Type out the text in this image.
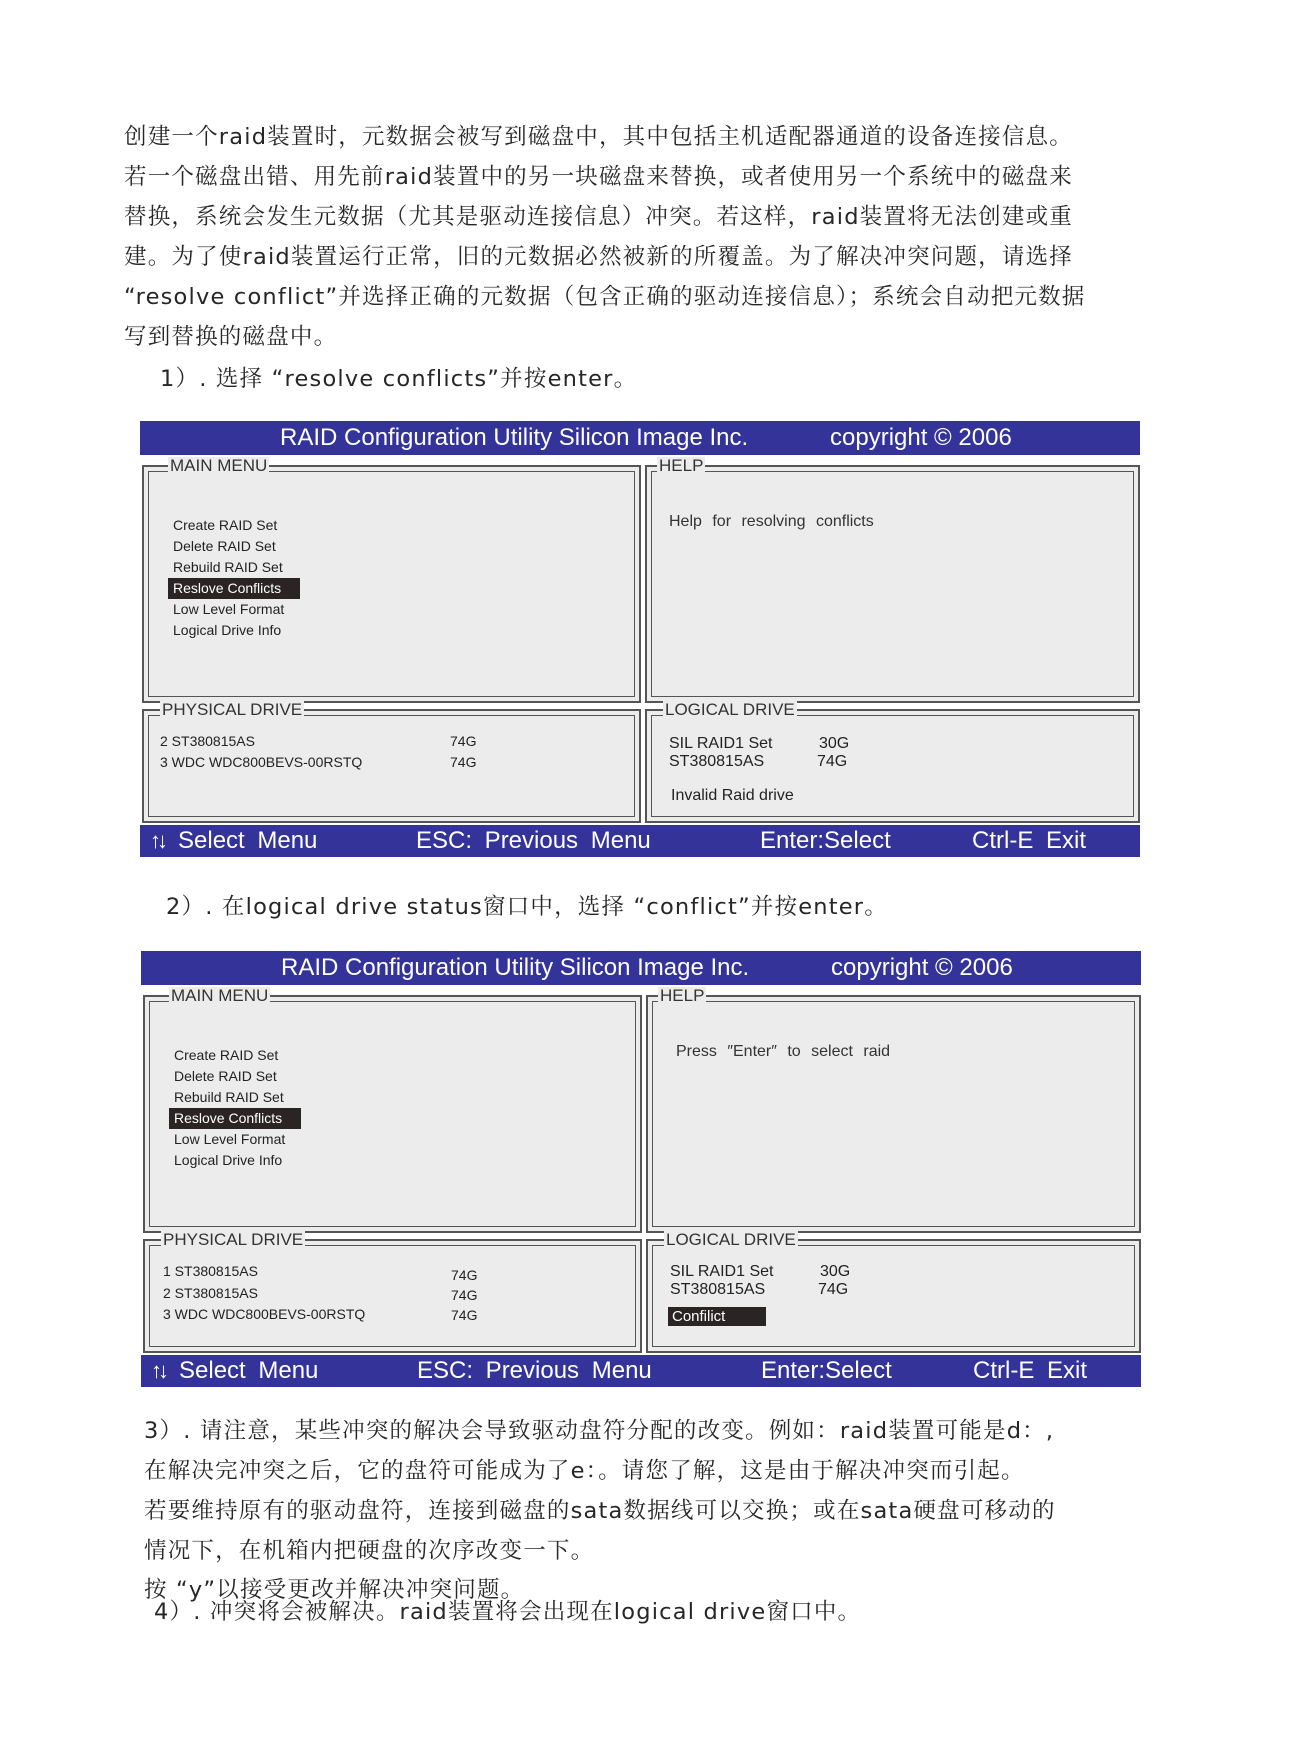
创建一个raid装置时，元数据会被写到磁盘中，其中包括主机适配器通道的设备连接信息。

若一个磁盘出错、用先前raid装置中的另一块磁盘来替换，或者使用另一个系统中的磁盘来

替换，系统会发生元数据（尤其是驱动连接信息）冲突。若这样，raid装置将无法创建或重

建。为了使raid装置运行正常，旧的元数据必然被新的所覆盖。为了解决冲突问题，请选择

“resolve conflict”并选择正确的元数据（包含正确的驱动连接信息）；系统会自动把元数据

写到替换的磁盘中。

1）. 选择 “resolve conflicts”并按enter。

RAID Configuration Utility Silicon Image Inc.	copyright © 2006
MAIN MENU
Create RAID Set
Delete RAID Set
Rebuild RAID Set
Reslove Conflicts
Low Level Format
Logical Drive Info
HELP
Help for resolving conflicts
PHYSICAL DRIVE
2 ST380815AS	74G
3 WDC WDC800BEVS-00RSTQ	74G
LOGICAL DRIVE
SIL RAID1 Set	30G
ST380815AS	74G
Invalid Raid drive
↑↓ Select Menu	ESC: Previous Menu	Enter:Select	Ctrl-E Exit

2）. 在logical drive status窗口中，选择 “conflict”并按enter。

RAID Configuration Utility Silicon Image Inc.	copyright © 2006
MAIN MENU
Create RAID Set
Delete RAID Set
Rebuild RAID Set
Reslove Conflicts
Low Level Format
Logical Drive Info
HELP
Press ″Enter″ to select raid
PHYSICAL DRIVE
1 ST380815AS	74G
2 ST380815AS	74G
3 WDC WDC800BEVS-00RSTQ	74G
LOGICAL DRIVE
SIL RAID1 Set	30G
ST380815AS	74G
Confilict
↑↓ Select Menu	ESC: Previous Menu	Enter:Select	Ctrl-E Exit

3）. 请注意，某些冲突的解决会导致驱动盘符分配的改变。例如：raid装置可能是d：,

在解决完冲突之后，它的盘符可能成为了e：。请您了解，这是由于解决冲突而引起。

若要维持原有的驱动盘符，连接到磁盘的sata数据线可以交换；或在sata硬盘可移动的

情况下，在机箱内把硬盘的次序改变一下。

按 “y”以接受更改并解决冲突问题。

4）. 冲突将会被解决。raid装置将会出现在logical drive窗口中。
